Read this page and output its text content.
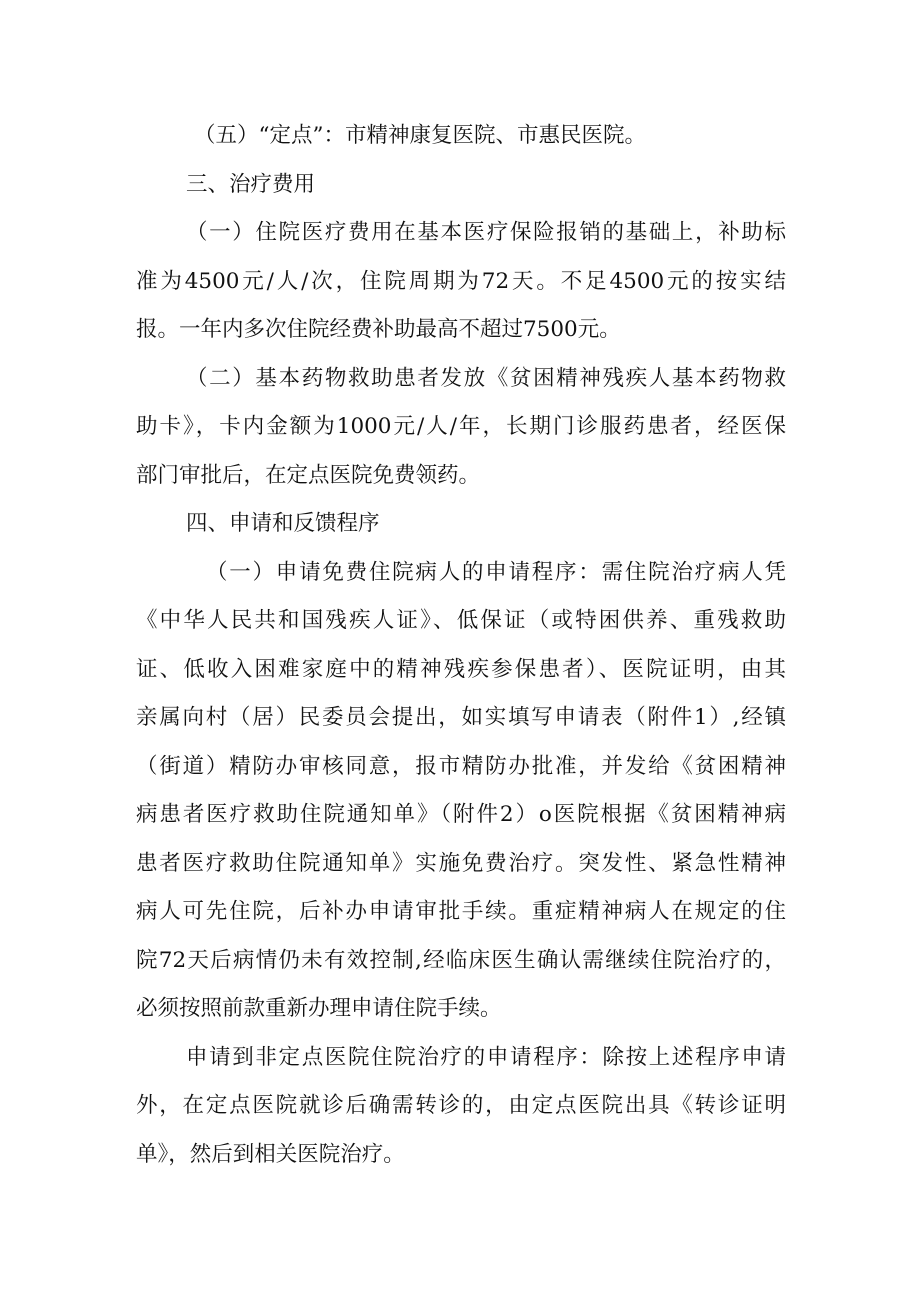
（五）“定点”：市精神康复医院、市惠民医院。
三、治疗费用
（一）住院医疗费用在基本医疗保险报销的基础上，补助标
准为4500元/人/次，住院周期为72天。不足4500元的按实结
报。一年内多次住院经费补助最高不超过7500元。
（二）基本药物救助患者发放《贫困精神残疾人基本药物救
助卡》，卡内金额为1000元/人/年，长期门诊服药患者，经医保
部门审批后，在定点医院免费领药。
四、申请和反馈程序
（一）申请免费住院病人的申请程序：需住院治疗病人凭
《中华人民共和国残疾人证》、低保证（或特困供养、重残救助
证、低收入困难家庭中的精神残疾参保患者）、医院证明，由其
亲属向村（居）民委员会提出，如实填写申请表（附件1）,经镇
（街道）精防办审核同意，报市精防办批准，并发给《贫困精神
病患者医疗救助住院通知单》（附件2）o医院根据《贫困精神病
患者医疗救助住院通知单》实施免费治疗。突发性、紧急性精神
病人可先住院，后补办申请审批手续。重症精神病人在规定的住
院72天后病情仍未有效控制,经临床医生确认需继续住院治疗的，
必须按照前款重新办理申请住院手续。
申请到非定点医院住院治疗的申请程序：除按上述程序申请
外，在定点医院就诊后确需转诊的，由定点医院出具《转诊证明
单》，然后到相关医院治疗。
